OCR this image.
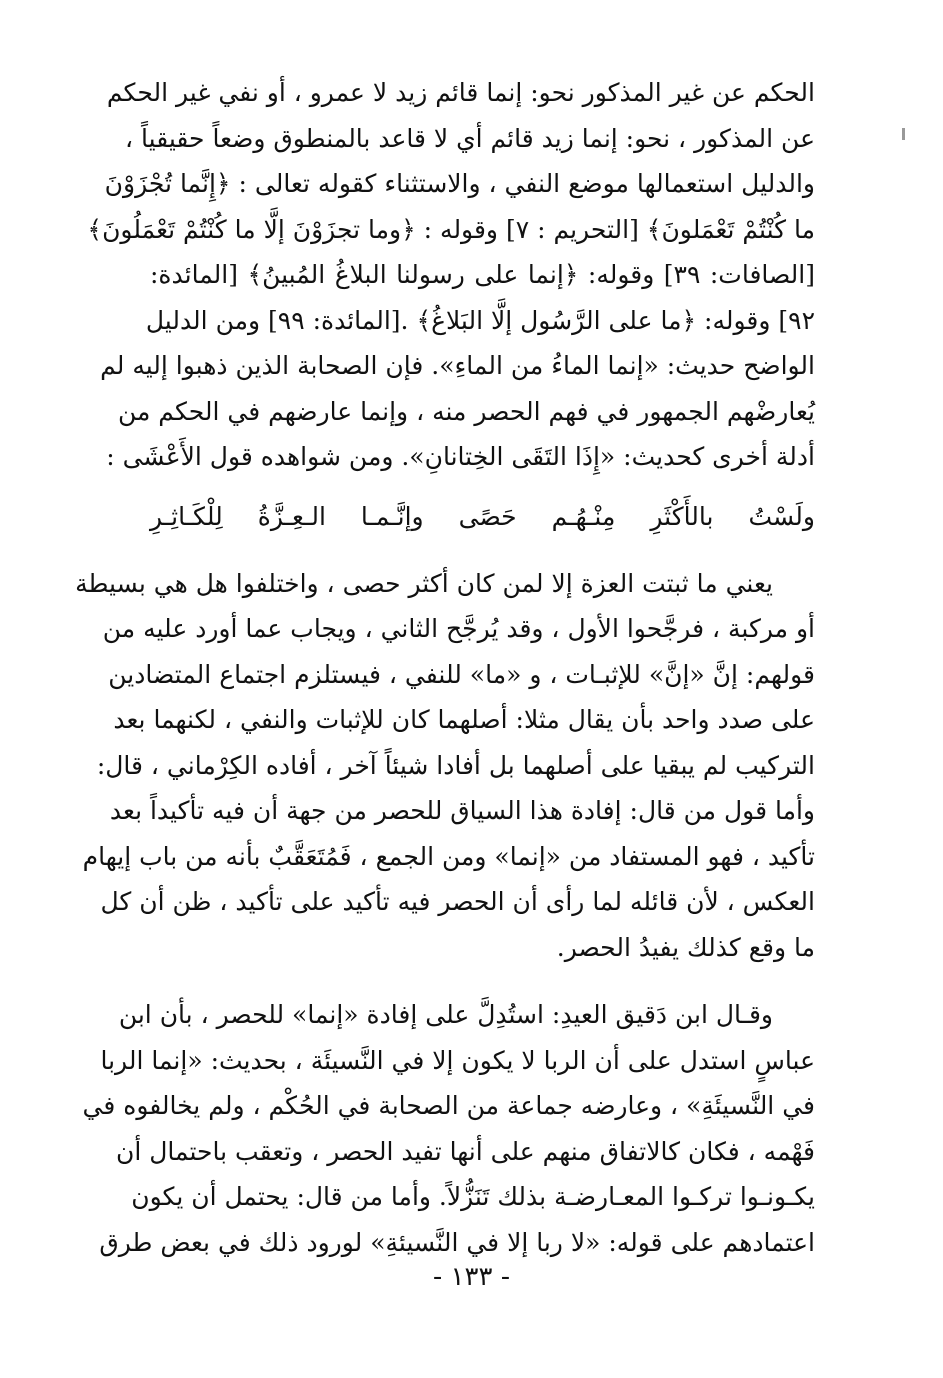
الحكم عن غير المذكور نحو: إنما قائم زيد لا عمرو ، أو نفي غير الحكم
عن المذكور ، نحو: إنما زيد قائم أي لا قاعد بالمنطوق وضعاً حقيقياً ،
والدليل استعمالها موضع النفي ، والاستثناء كقوله تعالى : ﴿إِنَّما تُجْزَوْنَ
ما كُنْتُمْ تَعْمَلونَ﴾ [التحريم : ٧] وقوله : ﴿وما تجزَوْنَ إلَّا ما كُنْتُمْ تَعْمَلُونَ﴾
[الصافات: ٣٩] وقوله: ﴿إنما على رسولنا البلاغُ المُبينُ﴾ [المائدة:
٩٢] وقوله: ﴿ما على الرَّسُول إلَّا البَلاغُ﴾ .[المائدة: ٩٩] ومن الدليل
الواضح حديث: «إنما الماءُ من الماءِ». فإن الصحابة الذين ذهبوا إليه لم
يُعارضْهم الجمهور في فهم الحصر منه ، وإنما عارضهم في الحكم من
أدلة أخرى كحديث: «إِذَا التَقَى الخِتانانِ». ومن شواهده قول الأَعْشَى :
ولَسْتُ بالأَكْثَرِ مِنْـهُـم حَصًى وإنَّـمـا الـعِـزَّةُ لِلْكَـاثِـرِ
يعني ما ثبتت العزة إلا لمن كان أكثر حصى ، واختلفوا هل هي بسيطة
أو مركبة ، فرجَّحوا الأول ، وقد يُرجَّح الثاني ، ويجاب عما أورد عليه من
قولهم: إنَّ «إنَّ» للإثبـات ، و «ما» للنفي ، فيستلزم اجتماع المتضادين
على صدد واحد بأن يقال مثلا: أصلهما كان للإثبات والنفي ، لكنهما بعد
التركيب لم يبقيا على أصلهما بل أفادا شيئاً آخر ، أفاده الكِرْماني ، قال:
وأما قول من قال: إفادة هذا السياق للحصر من جهة أن فيه تأكيداً بعد
تأكيد ، فهو المستفاد من «إنما» ومن الجمع ، فَمُتَعَقَّبٌ بأنه من باب إيهام
العكس ، لأن قائله لما رأى أن الحصر فيه تأكيد على تأكيد ، ظن أن كل
ما وقع كذلك يفيدُ الحصر.
وقـال ابن دَقيق العيدِ: استُدِلَّ على إفادة «إنما» للحصر ، بأن ابن
عباسٍ استدل على أن الربا لا يكون إلا في النَّسيئَة ، بحديث: «إنما الربا
في النَّسيئَةِ» ، وعارضه جماعة من الصحابة في الحُكْم ، ولم يخالفوه في
فَهْمه ، فكان كالاتفاق منهم على أنها تفيد الحصر ، وتعقب باحتمال أن
يكـونـوا تركـوا المعـارضـة بذلك تَنَزُّلاً. وأما من قال: يحتمل أن يكون
اعتمادهم على قوله: «لا ربا إلا في النَّسيئةِ» لورود ذلك في بعض طرق
- ١٣٣ -
